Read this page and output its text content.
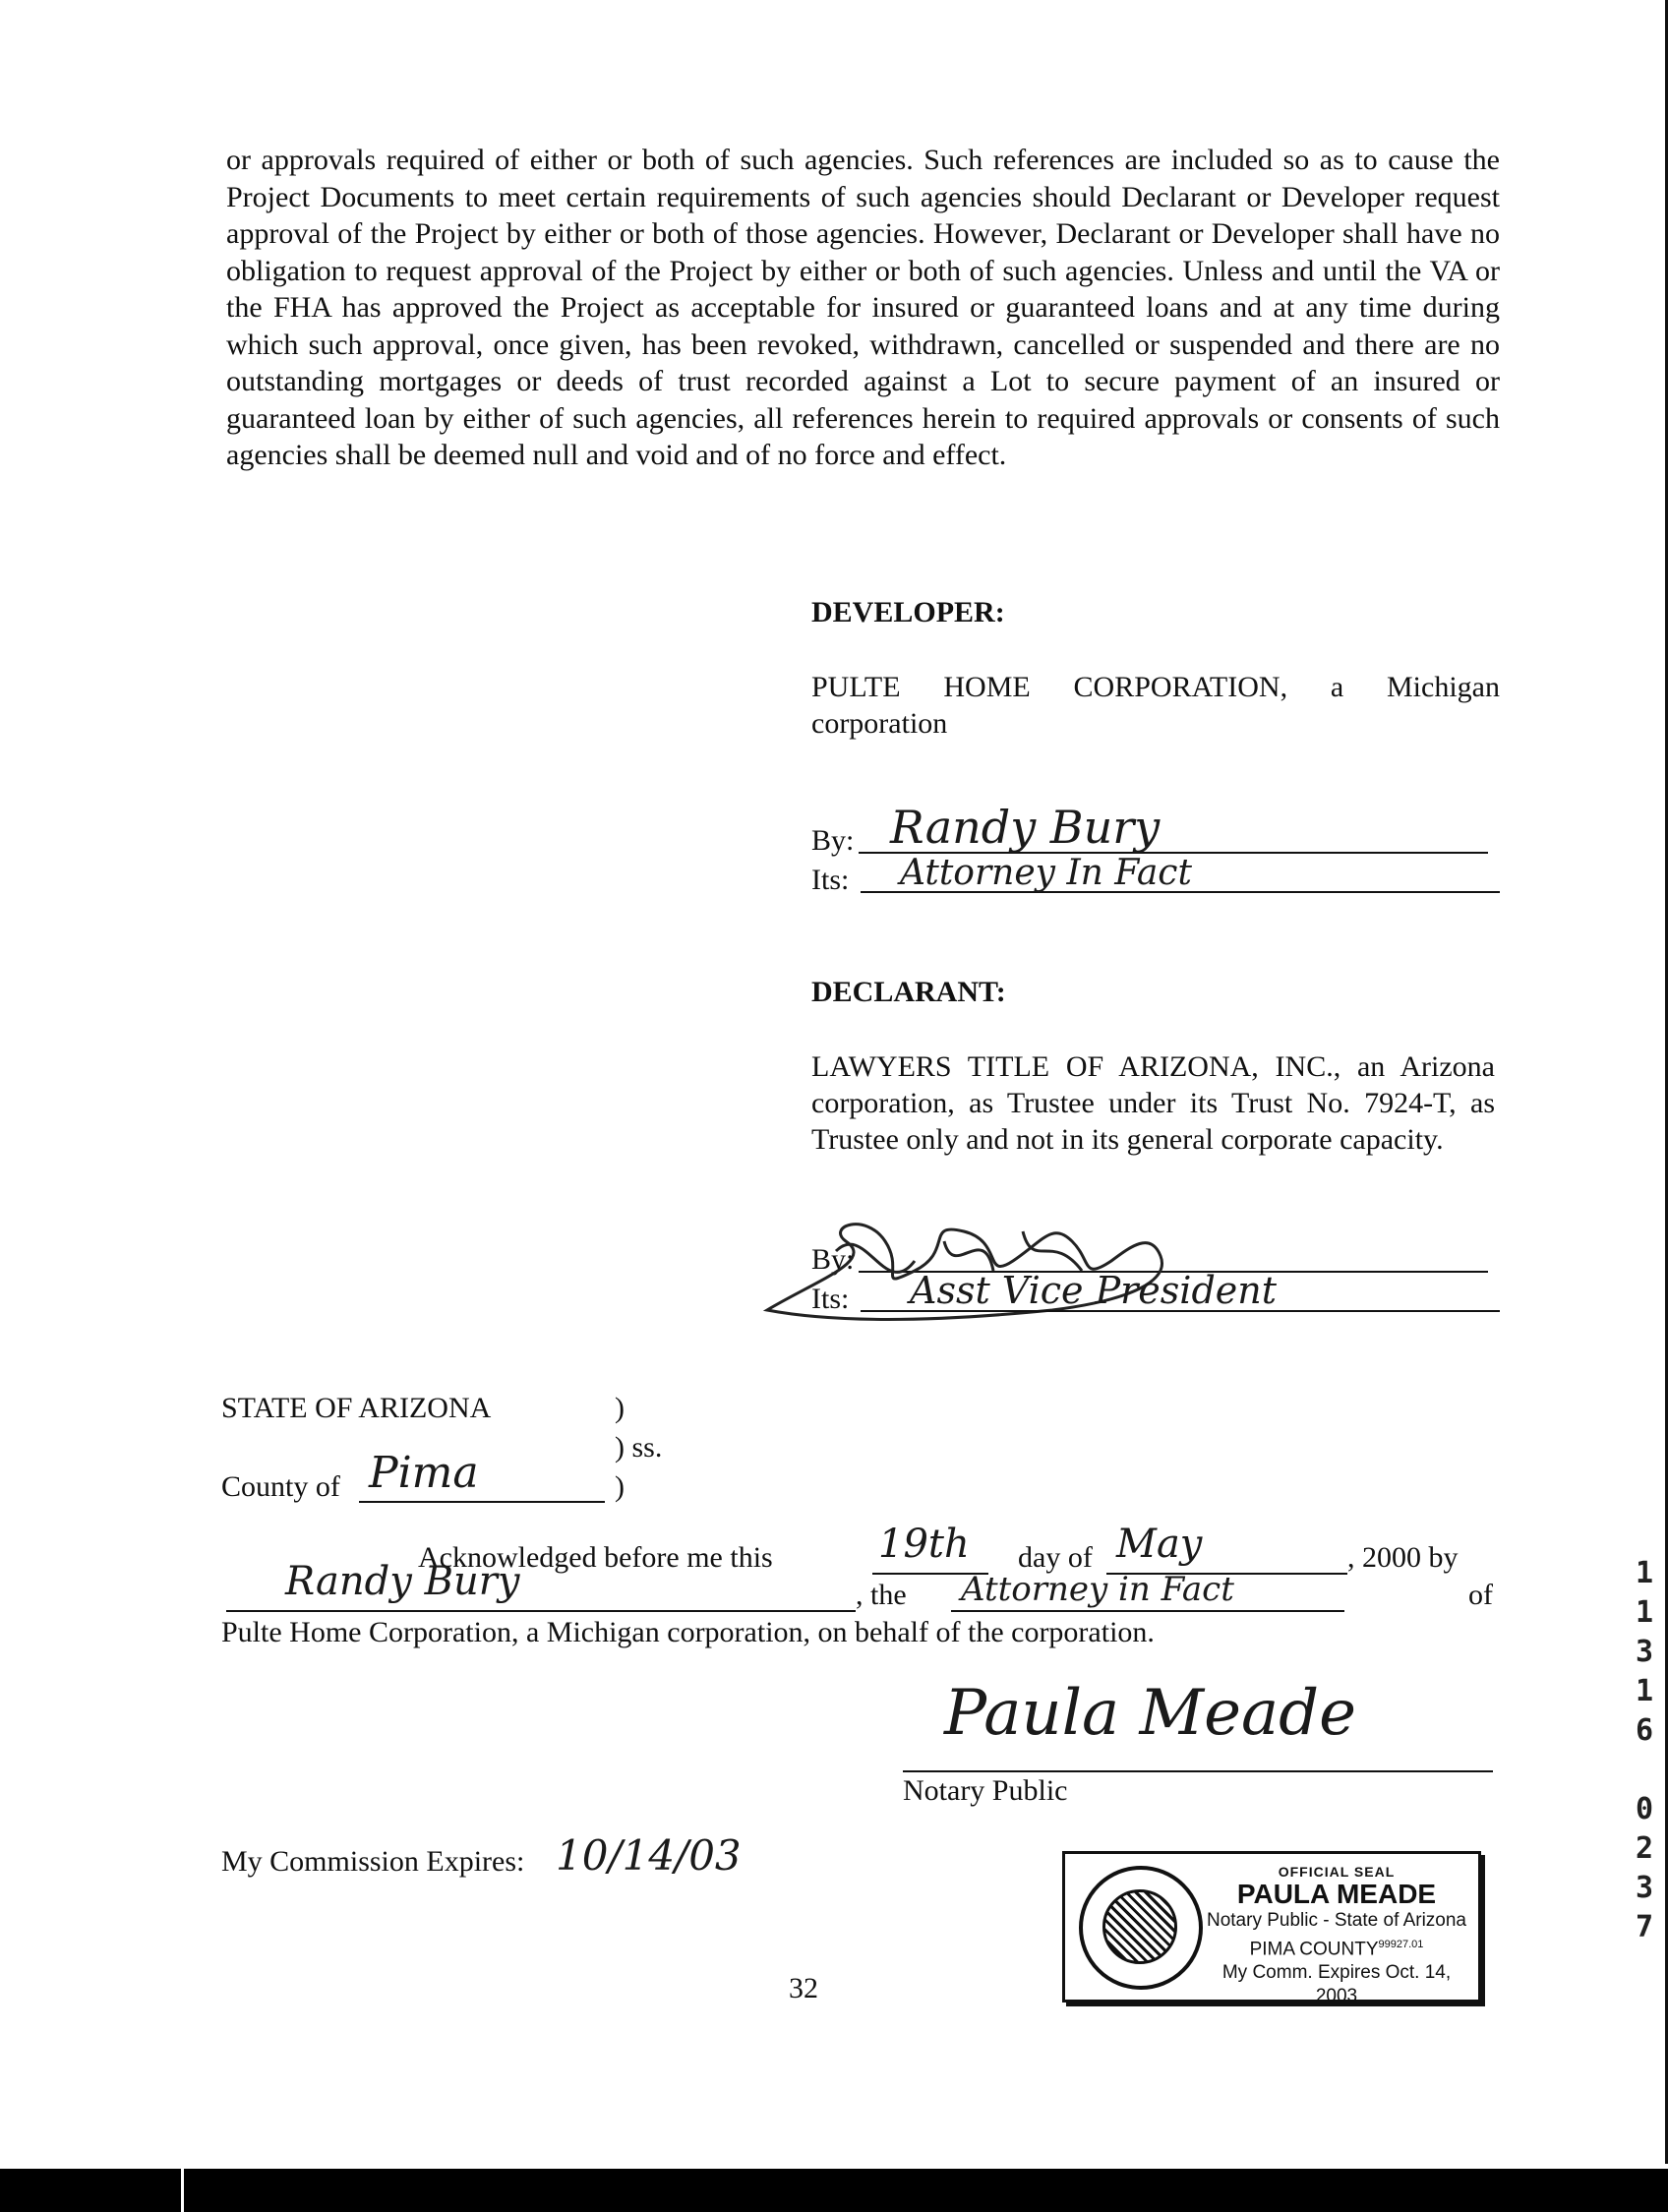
or approvals required of either or both of such agencies. Such references are included so as to cause the Project Documents to meet certain requirements of such agencies should Declarant or Developer request approval of the Project by either or both of those agencies. However, Declarant or Developer shall have no obligation to request approval of the Project by either or both of such agencies. Unless and until the VA or the FHA has approved the Project as acceptable for insured or guaranteed loans and at any time during which such approval, once given, has been revoked, withdrawn, cancelled or suspended and there are no outstanding mortgages or deeds of trust recorded against a Lot to secure payment of an insured or guaranteed loan by either of such agencies, all references herein to required approvals or consents of such agencies shall be deemed null and void and of no force and effect.

DEVELOPER:
PULTE HOME CORPORATION, a Michigan corporation
By: Randy Bury
Its: Attorney In Fact
DECLARANT:
LAWYERS TITLE OF ARIZONA, INC., an Arizona corporation, as Trustee under its Trust No. 7924-T, as Trustee only and not in its general corporate capacity.
By:
Its: Asst Vice President
STATE OF ARIZONA	)
) ss.
County of Pima	)
Acknowledged before me this	19th day of May	, 2000 by
Randy Bury	, the Attorney in Fact	of
Pulte Home Corporation, a Michigan corporation, on behalf of the corporation.
Paula Meade
Notary Public
My Commission Expires: 10/14/03	OFFICIAL SEAL
PAULA MEADE
Notary Public - State of Arizona
PIMA $COUNTY^{99927.01}$
My Comm. Expires Oct. 14, 2003
32
1
1
3
1
6
0
2
3
7
